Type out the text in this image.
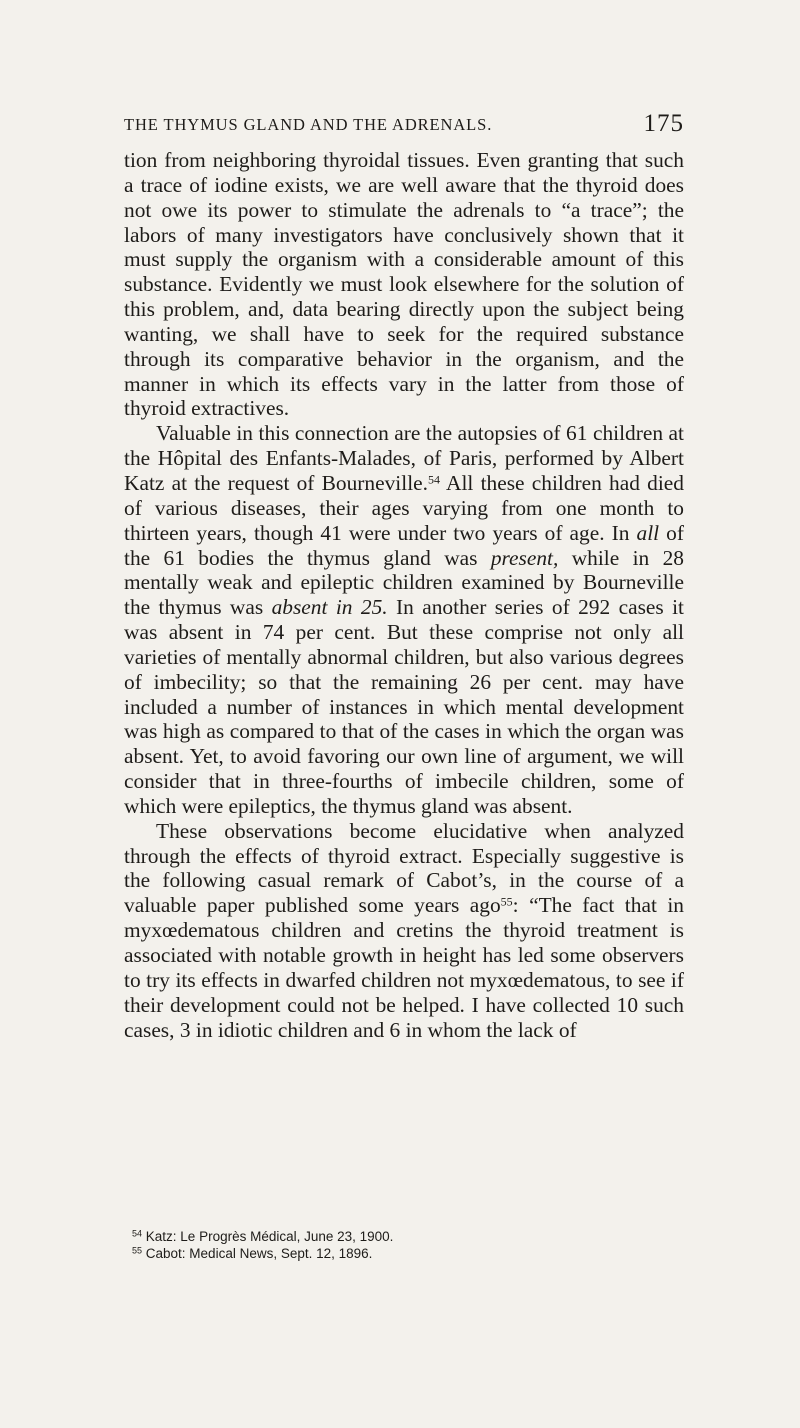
THE THYMUS GLAND AND THE ADRENALS.	175

tion from neighboring thyroidal tissues. Even granting that such a trace of iodine exists, we are well aware that the thyroid does not owe its power to stimulate the adrenals to “a trace”; the labors of many investigators have conclusively shown that it must supply the organism with a considerable amount of this substance. Evidently we must look elsewhere for the solution of this problem, and, data bearing directly upon the subject being wanting, we shall have to seek for the required substance through its comparative behavior in the organism, and the manner in which its effects vary in the latter from those of thyroid extractives.

Valuable in this connection are the autopsies of 61 children at the Hôpital des Enfants-Malades, of Paris, performed by Albert Katz at the request of Bourneville.$^{54}$ All these children had died of various diseases, their ages varying from one month to thirteen years, though 41 were under two years of age. In all of the 61 bodies the thymus gland was present, while in 28 mentally weak and epileptic children examined by Bourneville the thymus was absent in 25. In another series of 292 cases it was absent in 74 per cent. But these comprise not only all varieties of mentally abnormal children, but also various degrees of imbecility; so that the remaining 26 per cent. may have included a number of instances in which mental development was high as compared to that of the cases in which the organ was absent. Yet, to avoid favoring our own line of argument, we will consider that in three-fourths of imbecile children, some of which were epileptics, the thymus gland was absent.

These observations become elucidative when analyzed through the effects of thyroid extract. Especially suggestive is the following casual remark of Cabot’s, in the course of a valuable paper published some years ago$^{55}$: “The fact that in myxœdematous children and cretins the thyroid treatment is associated with notable growth in height has led some observers to try its effects in dwarfed children not myxœdematous, to see if their development could not be helped. I have collected 10 such cases, 3 in idiotic children and 6 in whom the lack of

$^{54}$ Katz: Le Progrès Médical, June 23, 1900.
$^{55}$ Cabot: Medical News, Sept. 12, 1896.
